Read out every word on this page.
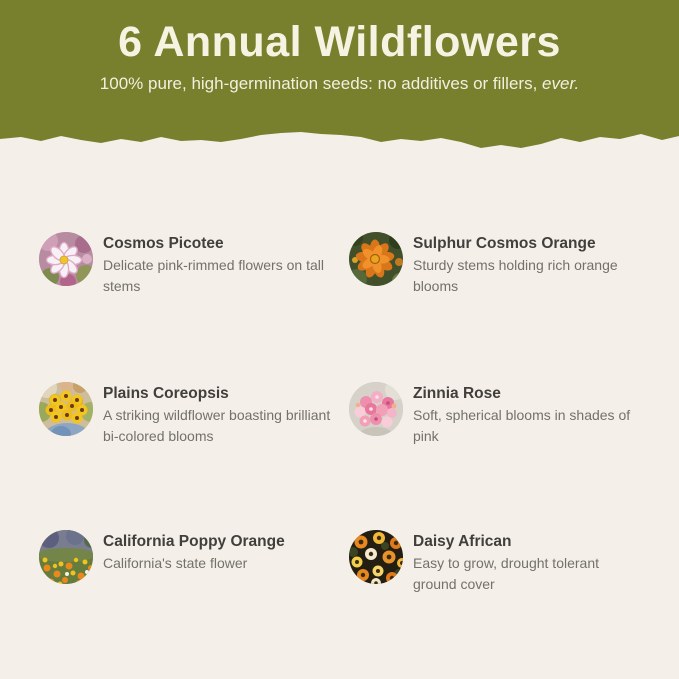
6 Annual Wildflowers
100% pure, high-germination seeds: no additives or fillers, ever.

Cosmos Picotee

Delicate pink-rimmed flowers on tall stems

Sulphur Cosmos Orange

Sturdy stems holding rich orange blooms

Plains Coreopsis

A striking wildflower boasting brilliant bi-colored blooms

Zinnia Rose

Soft, spherical blooms in shades of pink

California Poppy Orange

California's state flower

Daisy African

Easy to grow, drought tolerant ground cover
